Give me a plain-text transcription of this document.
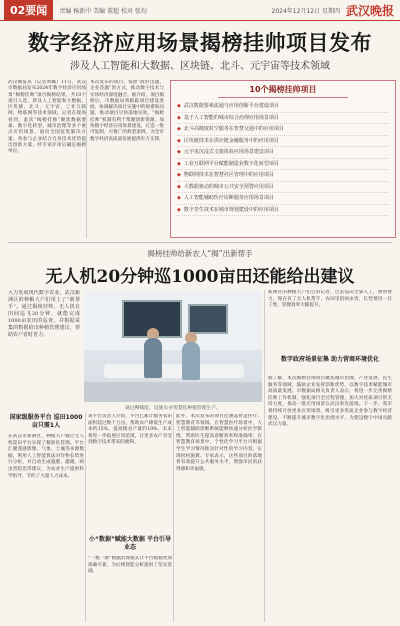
02要闻	责编 杨新中 美编 董超 校对 张均	2024年12月12日 星期四 武汉晚报
数字经济应用场景揭榜挂帅项目发布
涉及人工智能和大数据、区块链、北斗、元宇宙等技术领域
武汉晚报讯（记者周璐）11日，武汉市数据局发布2024年数字经济应用场景“揭榜挂帅”项目揭榜结果，共10个项目入选，涉及人工智能和大数据、区块链、北斗、元宇宙、工业互联网、物联网等技术领域。记者在现场看到，此次“揭榜挂帅”聚焦数据要素、数字化转型、城市治理等多个重点应用场景，面向全国征集解决方案。各参与企业结合自身技术优势提出创新方案，经专家评审后确定揭榜单位。
本次发布的项目，按照“政府出题、企业答题”的方式，推动数字技术与实体经济深度融合。据介绍，项目揭榜后，市数据局将跟踪项目建设进展，协调解决项目实施中的困难和问题，推动项目尽快落地见效。“揭榜挂帅”机制有利于集聚创新资源，加快数字经济应用场景建设，打造一批可复制、可推广的典型案例，为全市数字经济高质量发展提供有力支撑。
10个揭榜挂帅项目
◆ 武汉数据要素流通与应用创新平台建设项目
◆ 基于人工智能的城市综合治理应用场景项目
◆ 北斗高精度时空服务在智慧交通中的应用项目
◆ 区块链技术在供应链金融服务中的应用项目
◆ 元宇宙沉浸式文旅体验应用场景建设项目
◆ 工业互联网平台赋能制造业数字化转型项目
◆ 物联网技术在智慧社区管理中的应用项目
◆ 大数据驱动的城市公共安全预警应用项目
◆ 人工智能辅助医疗诊断服务应用场景项目
◆ 数字孪生技术在城市规划建设中的应用项目
揭榜挂帅给新农人“揭”出新帮手
无人机20分钟巡1000亩田还能给出建议
大力发展现代数字农业，武汉新洲区的种粮大户们用上了“新帮手”。通过揭榜挂帅，无人机在田间巡飞20分钟，就能完成1000亩农田的巡查，并根据采集的数据给出种植管理建议，帮助农户省时省力。
通过AI赋能，设施农业智慧化种植管理生产。
新洲区的种粮大户们告诉记者，过去巡田全靠人工，费时费力，现在有了无人机帮手，农田里的病虫害、长势情况一目了然，管理效率大幅提升。
数字政府场景征集 助力营商环境优化
据了解，本次揭榜挂帅项目聚焦城市治理、产业发展、民生服务等领域，鼓励企业发挥创新优势，以数字技术赋能城市高质量发展。市数据局相关负责人表示，将进一步完善揭榜挂帅工作机制，强化项目全过程管理，加大对优质项目的支持力度，推动一批应用场景在武汉率先落地。下一步，我市将持续开放更多应用场景，吸引更多优质企业参与数字经济建设，不断提升城市数字化治理水平，为建设数字中国贡献武汉力量。
国家级服务平台 巡田1000亩只需1人
在武汉市新洲区，种粮大户通过无人机巡田平台实现了精准化管理。平台汇聚遥感影像、气象、土壤等多源数据，利用人工智能算法对作物长势进行分析，并自动生成施肥、灌溉、病虫害防治等建议，为农业生产提供科学指导，节约了大量人力成本。
该平台负责人介绍，平台已累计服务农田面积超过数十万亩，帮助农户降低生产成本约15%，提高粮食产量约10%。未来将进一步拓展应用范围，让更多农户享受到数字技术带来的便利。
小“数据”赋能大数据 平台引导业态
“一数一源”数据治理模式让平台数据更加准确可靠，为后续智能分析提供了坚实基础。
此外，本次发布的项目还涵盖智慧医疗、智慧教育等领域。在智慧医疗场景中，人工智能辅助诊断系统能够快速分析医学影像，帮助医生提高诊断效率和准确率；在智慧教育场景中，个性化学习平台可根据学生学习情况推送针对性的学习内容，实现因材施教。专家表示，这些项目的落地将有效提升公共服务水平，增强市民的获得感和幸福感。
